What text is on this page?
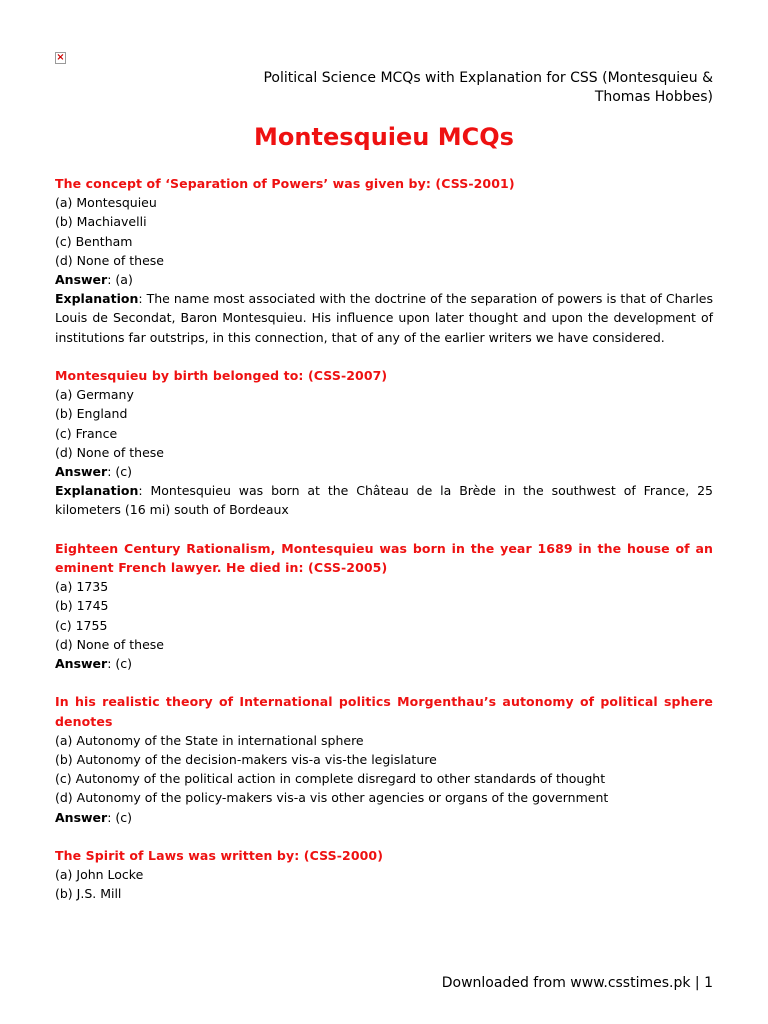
×
Political Science MCQs with Explanation for CSS (Montesquieu &
Thomas Hobbes)
Montesquieu MCQs
The concept of ‘Separation of Powers’ was given by: (CSS-2001)
(a) Montesquieu
(b) Machiavelli
(c) Bentham
(d) None of these
Answer: (a)
Explanation: The name most associated with the doctrine of the separation of powers is that of Charles Louis de Secondat, Baron Montesquieu. His influence upon later thought and upon the development of institutions far outstrips, in this connection, that of any of the earlier writers we have considered.
Montesquieu by birth belonged to: (CSS-2007)
(a) Germany
(b) England
(c) France
(d) None of these
Answer: (c)
Explanation: Montesquieu was born at the Château de la Brède in the southwest of France, 25 kilometers (16 mi) south of Bordeaux
Eighteen Century Rationalism, Montesquieu was born in the year 1689 in the house of an eminent French lawyer. He died in: (CSS-2005)
(a) 1735
(b) 1745
(c) 1755
(d) None of these
Answer: (c)
In his realistic theory of International politics Morgenthau’s autonomy of political sphere denotes
(a) Autonomy of the State in international sphere
(b) Autonomy of the decision-makers vis-a vis-the legislature
(c) Autonomy of the political action in complete disregard to other standards of thought
(d) Autonomy of the policy-makers vis-a vis other agencies or organs of the government
Answer: (c)
The Spirit of Laws was written by: (CSS-2000)
(a) John Locke
(b) J.S. Mill
Downloaded from www.csstimes.pk | 1
